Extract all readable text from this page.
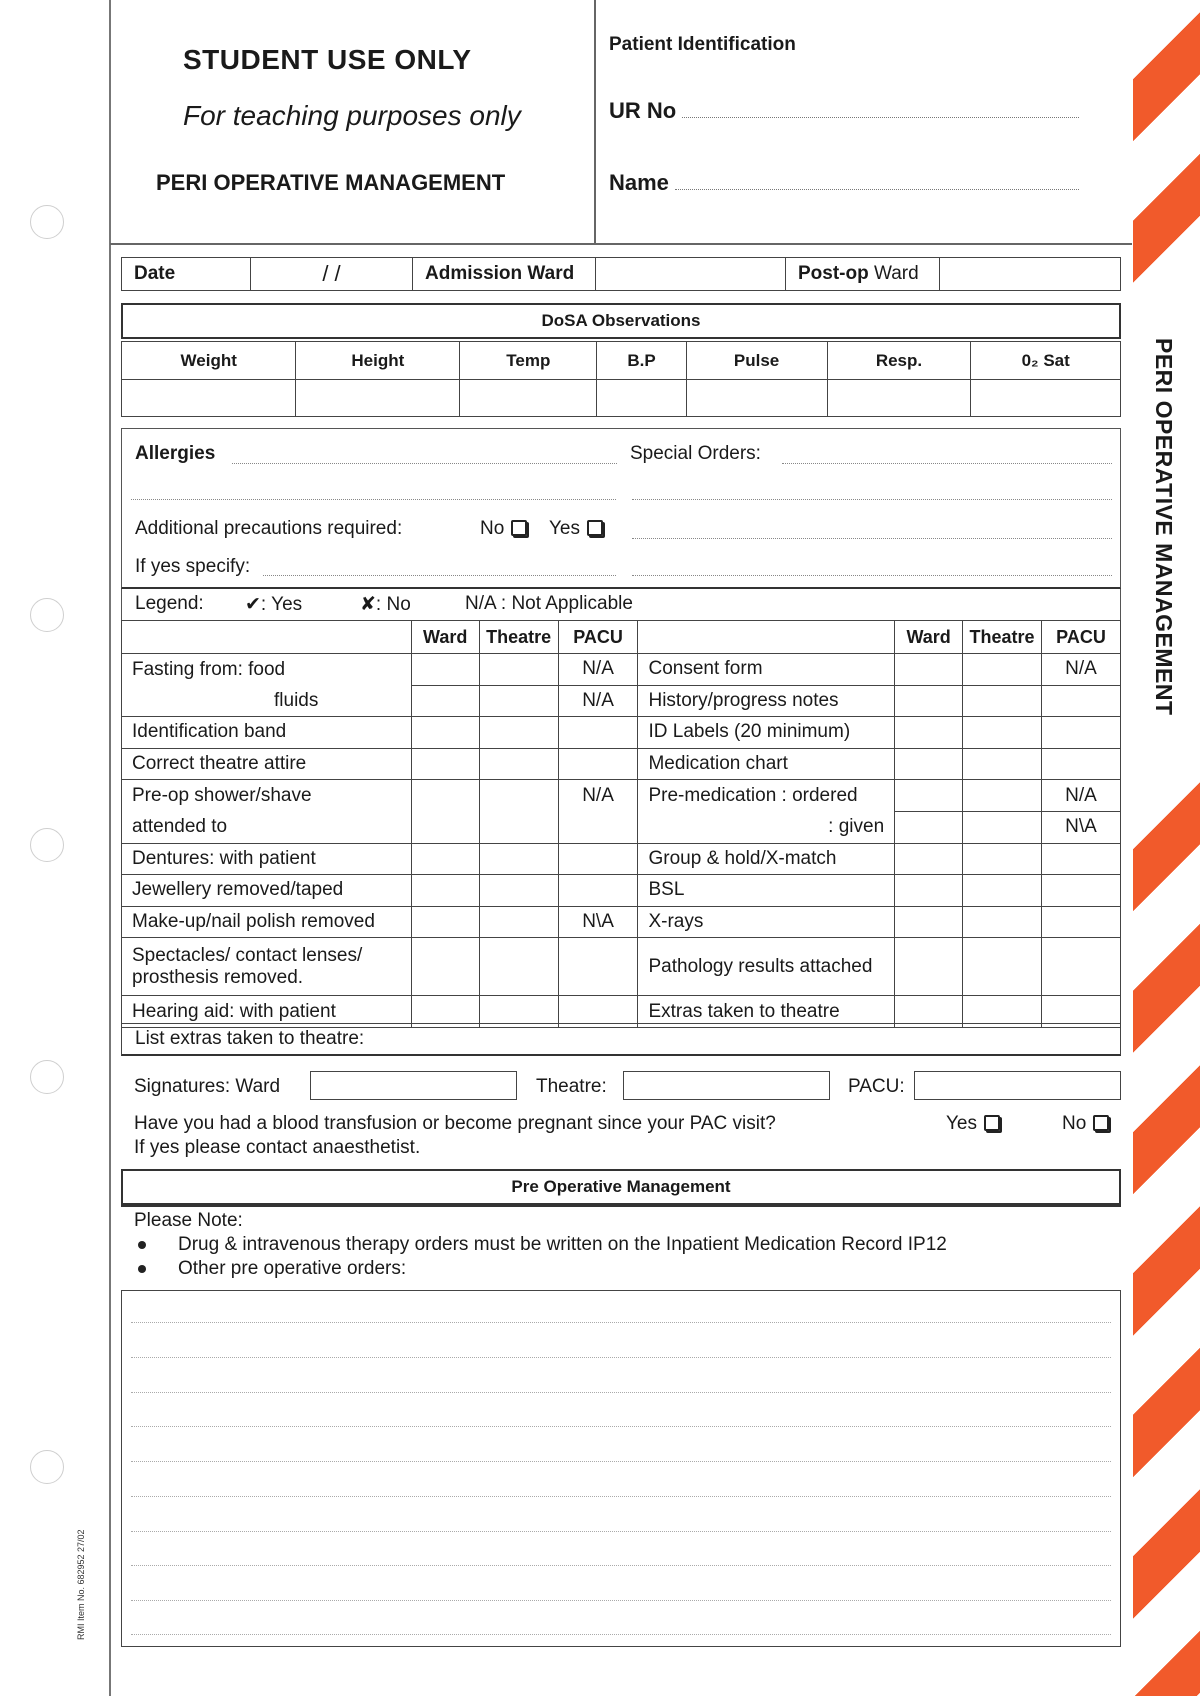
PERI OPERATIVE MANAGEMENT
RMI Item No. 682952 27/02
STUDENT USE ONLY
For teaching purposes only
PERI OPERATIVE MANAGEMENT
Patient Identification
UR No
Name
Date	/ /	Admission Ward		Post-op Ward	
DoSA Observations
Weight	Height	Temp	B.P	Pulse	Resp.	0₂ Sat

Allergies	Special Orders:
Additional precautions required:	No	Yes
If yes specify:
Legend: ✔: Yes	✘: No	N/A : Not Applicable
	Ward	Theatre	PACU		Ward	Theatre	PACU
Fasting from: food			N/A	Consent form			N/A
fluids			N/A	History/progress notes			
Identification band				ID Labels (20 minimum)			
Correct theatre attire				Medication chart			
Pre-op shower/shave			N/A	Pre-medication : ordered			N/A
attended to				: given			N\A
Dentures: with patient				Group & hold/X-match			
Jewellery removed/taped				BSL			
Make-up/nail polish removed			N\A	X-rays			
Spectacles/ contact lenses/ prosthesis removed.				Pathology results attached			
Hearing aid: with patient				Extras taken to theatre			
List extras taken to theatre:
Signatures: Ward	Theatre:	PACU:
Have you had a blood transfusion or become pregnant since your PAC visit?
If yes please contact anaesthetist.
Yes	No
Pre Operative Management
Please Note:
Drug & intravenous therapy orders must be written on the Inpatient Medication Record IP12
Other pre operative orders:
